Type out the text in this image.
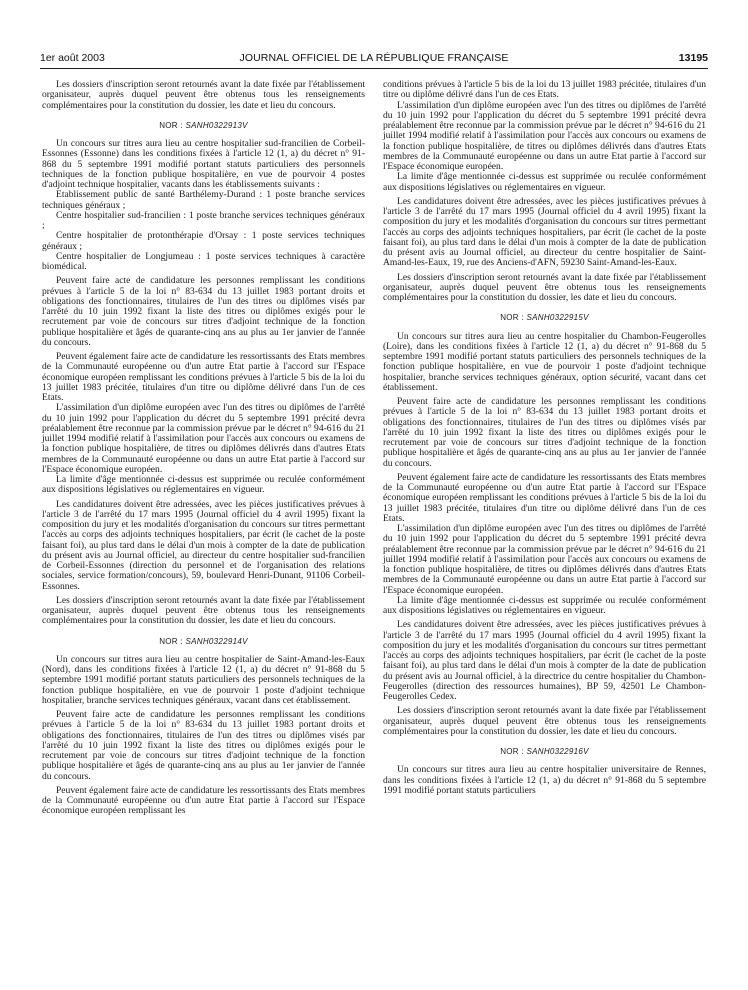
1er août 2003	JOURNAL OFFICIEL DE LA RÉPUBLIQUE FRANÇAISE	13195

Les dossiers d'inscription seront retournés avant la date fixée par l'établissement organisateur, auprès duquel peuvent être obtenus tous les renseignements complémentaires pour la constitution du dossier, les date et lieu du concours.

NOR : SANH0322913V

Un concours sur titres aura lieu au centre hospitalier sud-francilien de Corbeil-Essonnes (Essonne) dans les conditions fixées à l'article 12 (1, a) du décret n° 91-868 du 5 septembre 1991 modifié portant statuts particuliers des personnels techniques de la fonction publique hospitalière, en vue de pourvoir 4 postes d'adjoint technique hospitalier, vacants dans les établissements suivants :

Etablissement public de santé Barthélemy-Durand : 1 poste branche services techniques généraux ;

Centre hospitalier sud-francilien : 1 poste branche services techniques généraux ;

Centre hospitalier de protonthérapie d'Orsay : 1 poste services techniques généraux ;

Centre hospitalier de Longjumeau : 1 poste services techniques à caractère biomédical.

Peuvent faire acte de candidature les personnes remplissant les conditions prévues à l'article 5 de la loi n° 83-634 du 13 juillet 1983 portant droits et obligations des fonctionnaires, titulaires de l'un des titres ou diplômes visés par l'arrêté du 10 juin 1992 fixant la liste des titres ou diplômes exigés pour le recrutement par voie de concours sur titres d'adjoint technique de la fonction publique hospitalière et âgés de quarante-cinq ans au plus au 1er janvier de l'année du concours.

Peuvent également faire acte de candidature les ressortissants des Etats membres de la Communauté européenne ou d'un autre Etat partie à l'accord sur l'Espace économique européen remplissant les conditions prévues à l'article 5 bis de la loi du 13 juillet 1983 précitée, titulaires d'un titre ou diplôme délivré dans l'un de ces Etats.

L'assimilation d'un diplôme européen avec l'un des titres ou diplômes de l'arrêté du 10 juin 1992 pour l'application du décret du 5 septembre 1991 précité devra préalablement être reconnue par la commission prévue par le décret n° 94-616 du 21 juillet 1994 modifié relatif à l'assimilation pour l'accès aux concours ou examens de la fonction publique hospitalière, de titres ou diplômes délivrés dans d'autres Etats membres de la Communauté européenne ou dans un autre Etat partie à l'accord sur l'Espace économique européen.

La limite d'âge mentionnée ci-dessus est supprimée ou reculée conformément aux dispositions législatives ou réglementaires en vigueur.

Les candidatures doivent être adressées, avec les pièces justificatives prévues à l'article 3 de l'arrêté du 17 mars 1995 (Journal officiel du 4 avril 1995) fixant la composition du jury et les modalités d'organisation du concours sur titres permettant l'accès au corps des adjoints techniques hospitaliers, par écrit (le cachet de la poste faisant foi), au plus tard dans le délai d'un mois à compter de la date de publication du présent avis au Journal officiel, au directeur du centre hospitalier sud-francilien de Corbeil-Essonnes (direction du personnel et de l'organisation des relations sociales, service formation/concours), 59, boulevard Henri-Dunant, 91106 Corbeil-Essonnes.

Les dossiers d'inscription seront retournés avant la date fixée par l'établissement organisateur, auprès duquel peuvent être obtenus tous les renseignements complémentaires pour la constitution du dossier, les date et lieu du concours.

NOR : SANH0322914V

Un concours sur titres aura lieu au centre hospitalier de Saint-Amand-les-Eaux (Nord), dans les conditions fixées à l'article 12 (1, a) du décret n° 91-868 du 5 septembre 1991 modifié portant statuts particuliers des personnels techniques de la fonction publique hospitalière, en vue de pourvoir 1 poste d'adjoint technique hospitalier, branche services techniques généraux, vacant dans cet établissement.

Peuvent faire acte de candidature les personnes remplissant les conditions prévues à l'article 5 de la loi n° 83-634 du 13 juillet 1983 portant droits et obligations des fonctionnaires, titulaires de l'un des titres ou diplômes visés par l'arrêté du 10 juin 1992 fixant la liste des titres ou diplômes exigés pour le recrutement par voie de concours sur titres d'adjoint technique de la fonction publique hospitalière et âgés de quarante-cinq ans au plus au 1er janvier de l'année du concours.

Peuvent également faire acte de candidature les ressortissants des Etats membres de la Communauté européenne ou d'un autre Etat partie à l'accord sur l'Espace économique européen remplissant les

conditions prévues à l'article 5 bis de la loi du 13 juillet 1983 précitée, titulaires d'un titre ou diplôme délivré dans l'un de ces Etats.

L'assimilation d'un diplôme européen avec l'un des titres ou diplômes de l'arrêté du 10 juin 1992 pour l'application du décret du 5 septembre 1991 précité devra préalablement être reconnue par la commission prévue par le décret n° 94-616 du 21 juillet 1994 modifié relatif à l'assimilation pour l'accès aux concours ou examens de la fonction publique hospitalière, de titres ou diplômes délivrés dans d'autres Etats membres de la Communauté européenne ou dans un autre Etat partie à l'accord sur l'Espace économique européen.

La limite d'âge mentionnée ci-dessus est supprimée ou reculée conformément aux dispositions législatives ou réglementaires en vigueur.

Les candidatures doivent être adressées, avec les pièces justificatives prévues à l'article 3 de l'arrêté du 17 mars 1995 (Journal officiel du 4 avril 1995) fixant la composition du jury et les modalités d'organisation du concours sur titres permettant l'accès au corps des adjoints techniques hospitaliers, par écrit (le cachet de la poste faisant foi), au plus tard dans le délai d'un mois à compter de la date de publication du présent avis au Journal officiel, au directeur du centre hospitalier de Saint-Amand-les-Eaux, 19, rue des Anciens-d'AFN, 59230 Saint-Amand-les-Eaux.

Les dossiers d'inscription seront retournés avant la date fixée par l'établissement organisateur, auprès duquel peuvent être obtenus tous les renseignements complémentaires pour la constitution du dossier, les date et lieu du concours.

NOR : SANH0322915V

Un concours sur titres aura lieu au centre hospitalier du Chambon-Feugerolles (Loire), dans les conditions fixées à l'article 12 (1, a) du décret n° 91-868 du 5 septembre 1991 modifié portant statuts particuliers des personnels techniques de la fonction publique hospitalière, en vue de pourvoir 1 poste d'adjoint technique hospitalier, branche services techniques généraux, option sécurité, vacant dans cet établissement.

Peuvent faire acte de candidature les personnes remplissant les conditions prévues à l'article 5 de la loi n° 83-634 du 13 juillet 1983 portant droits et obligations des fonctionnaires, titulaires de l'un des titres ou diplômes visés par l'arrêté du 10 juin 1992 fixant la liste des titres ou diplômes exigés pour le recrutement par voie de concours sur titres d'adjoint technique de la fonction publique hospitalière et âgés de quarante-cinq ans au plus au 1er janvier de l'année du concours.

Peuvent également faire acte de candidature les ressortissants des Etats membres de la Communauté européenne ou d'un autre Etat partie à l'accord sur l'Espace économique européen remplissant les conditions prévues à l'article 5 bis de la loi du 13 juillet 1983 précitée, titulaires d'un titre ou diplôme délivré dans l'un de ces Etats.

L'assimilation d'un diplôme européen avec l'un des titres ou diplômes de l'arrêté du 10 juin 1992 pour l'application du décret du 5 septembre 1991 précité devra préalablement être reconnue par la commission prévue par le décret n° 94-616 du 21 juillet 1994 modifié relatif à l'assimilation pour l'accès aux concours ou examens de la fonction publique hospitalière, de titres ou diplômes délivrés dans d'autres Etats membres de la Communauté européenne ou dans un autre Etat partie à l'accord sur l'Espace économique européen.

La limite d'âge mentionnée ci-dessus est supprimée ou reculée conformément aux dispositions législatives ou réglementaires en vigueur.

Les candidatures doivent être adressées, avec les pièces justificatives prévues à l'article 3 de l'arrêté du 17 mars 1995 (Journal officiel du 4 avril 1995) fixant la composition du jury et les modalités d'organisation du concours sur titres permettant l'accès au corps des adjoints techniques hospitaliers, par écrit (le cachet de la poste faisant foi), au plus tard dans le délai d'un mois à compter de la date de publication du présent avis au Journal officiel, à la directrice du centre hospitalier du Chambon-Feugerolles (direction des ressources humaines), BP 59, 42501 Le Chambon-Feugerolles Cedex.

Les dossiers d'inscription seront retournés avant la date fixée par l'établissement organisateur, auprès duquel peuvent être obtenus tous les renseignements complémentaires pour la constitution du dossier, les date et lieu du concours.

NOR : SANH0322916V

Un concours sur titres aura lieu au centre hospitalier universitaire de Rennes, dans les conditions fixées à l'article 12 (1, a) du décret n° 91-868 du 5 septembre 1991 modifié portant statuts particuliers
